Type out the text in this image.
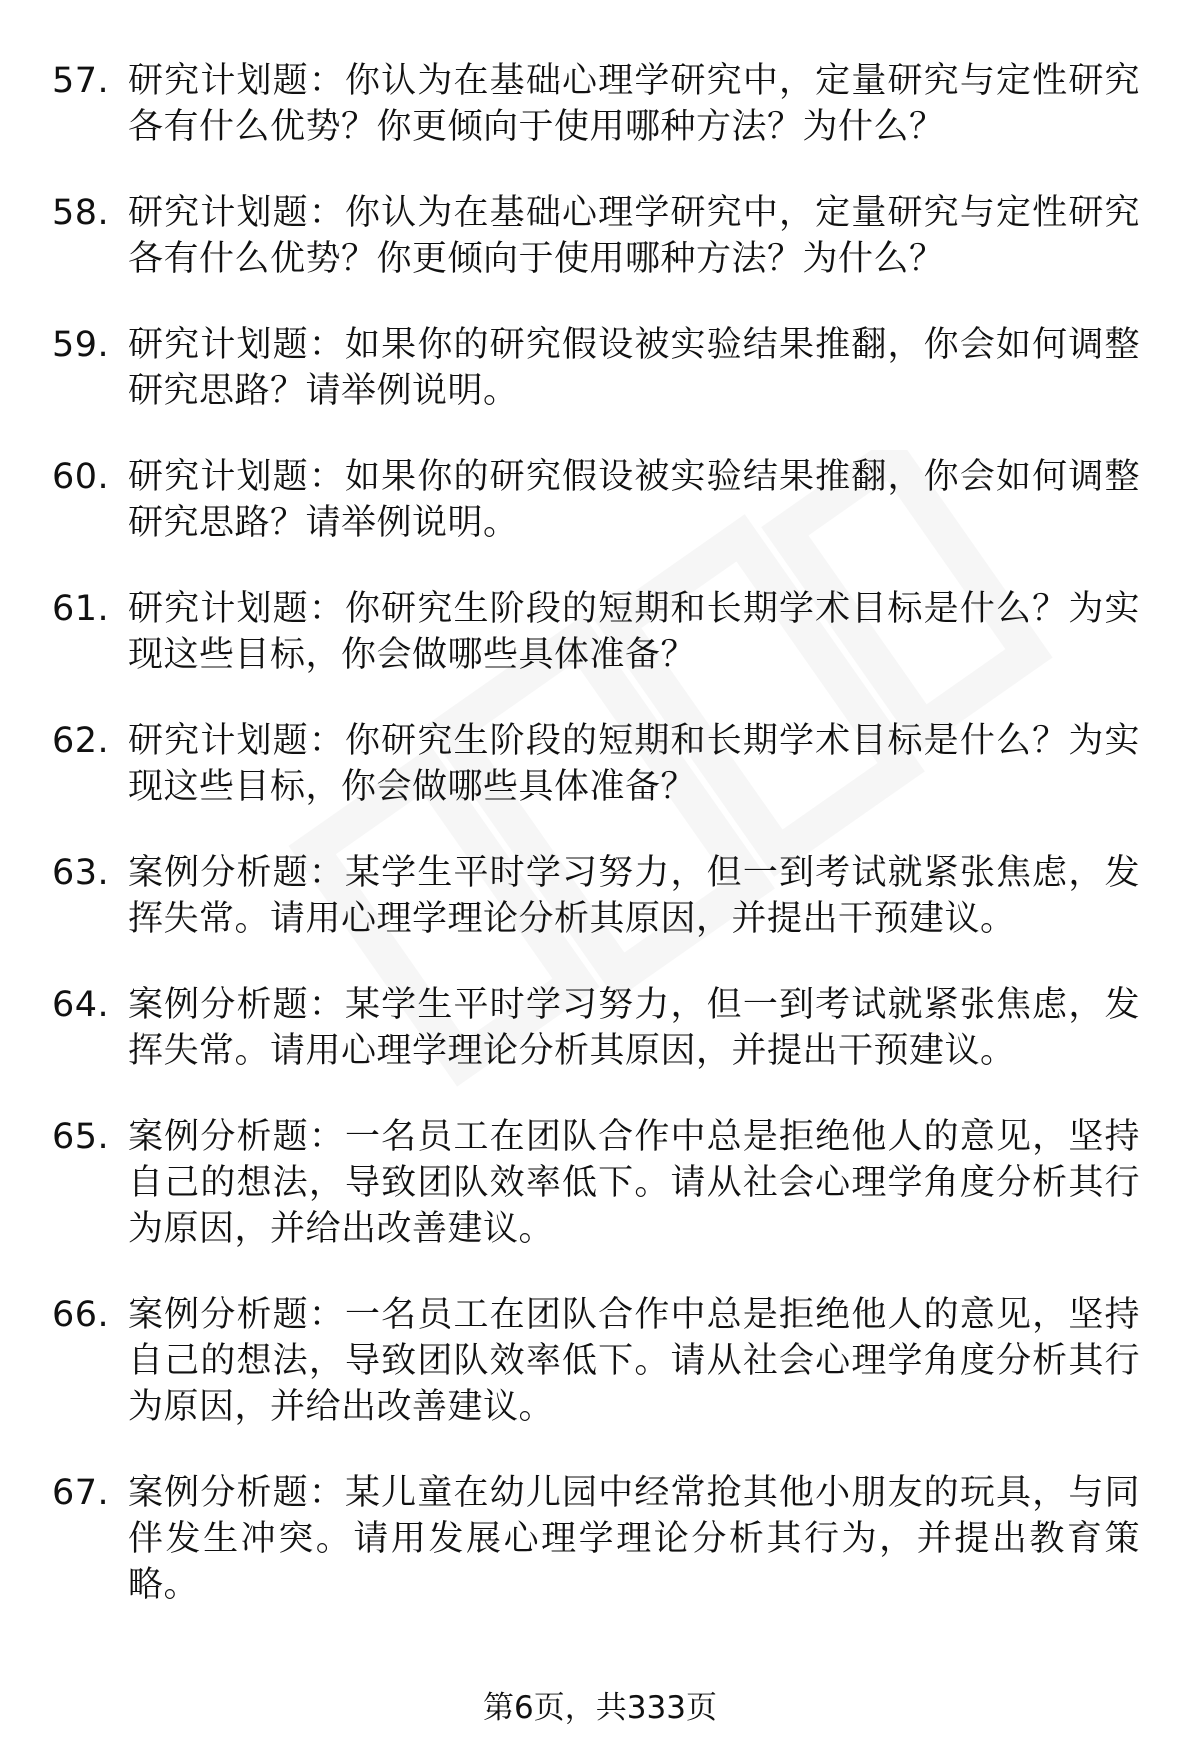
57. 研究计划题：你认为在基础心理学研究中，定量研究与定性研究各有什么优势？你更倾向于使用哪种方法？为什么？
58. 研究计划题：你认为在基础心理学研究中，定量研究与定性研究各有什么优势？你更倾向于使用哪种方法？为什么？
59. 研究计划题：如果你的研究假设被实验结果推翻，你会如何调整研究思路？请举例说明。
60. 研究计划题：如果你的研究假设被实验结果推翻，你会如何调整研究思路？请举例说明。
61. 研究计划题：你研究生阶段的短期和长期学术目标是什么？为实现这些目标，你会做哪些具体准备？
62. 研究计划题：你研究生阶段的短期和长期学术目标是什么？为实现这些目标，你会做哪些具体准备？
63. 案例分析题：某学生平时学习努力，但一到考试就紧张焦虑，发挥失常。请用心理学理论分析其原因，并提出干预建议。
64. 案例分析题：某学生平时学习努力，但一到考试就紧张焦虑，发挥失常。请用心理学理论分析其原因，并提出干预建议。
65. 案例分析题：一名员工在团队合作中总是拒绝他人的意见，坚持自己的想法，导致团队效率低下。请从社会心理学角度分析其行为原因，并给出改善建议。
66. 案例分析题：一名员工在团队合作中总是拒绝他人的意见，坚持自己的想法，导致团队效率低下。请从社会心理学角度分析其行为原因，并给出改善建议。
67. 案例分析题：某儿童在幼儿园中经常抢其他小朋友的玩具，与同伴发生冲突。请用发展心理学理论分析其行为，并提出教育策略。
第6页，共333页
